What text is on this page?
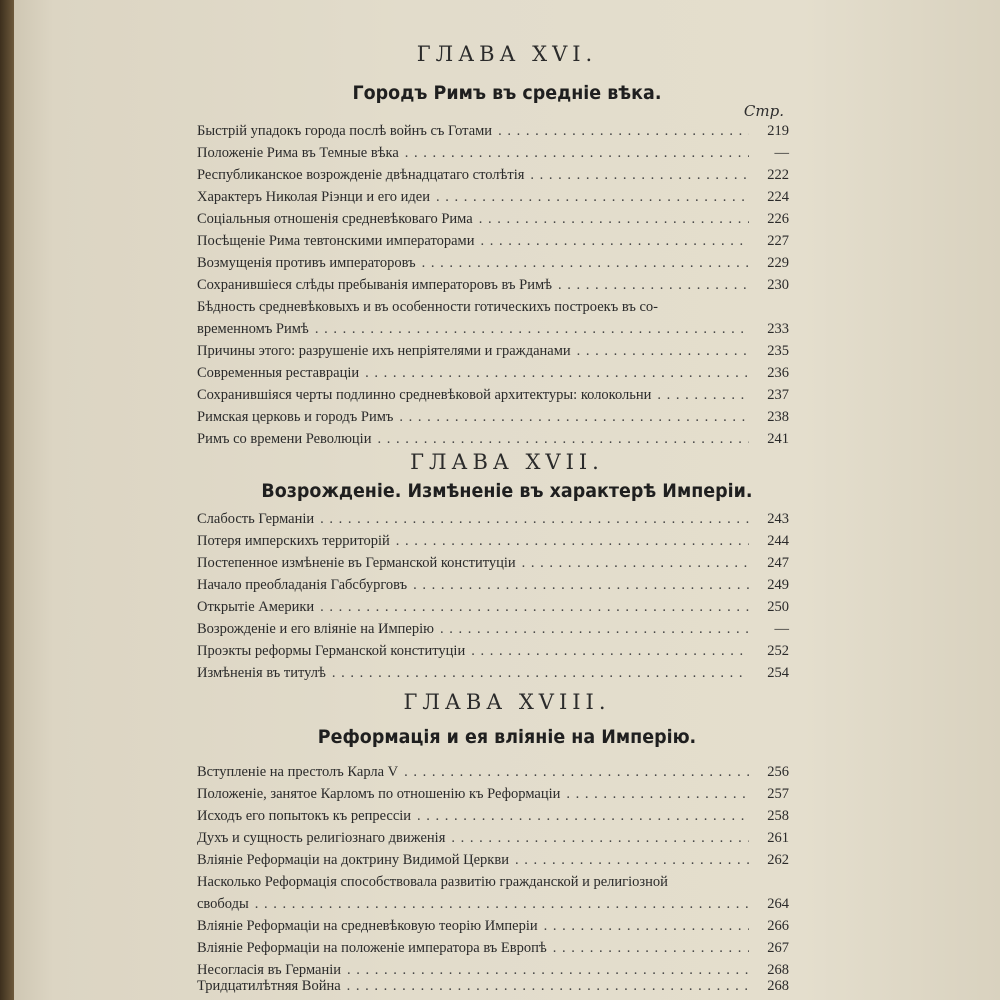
ГЛАВА XVI.
Городъ Римъ въ средніе вѣка.
Стр.
Быстрій упадокъ города послѣ войнъ съ Готами . . .	219
Положеніе Рима въ Темные вѣка . . .	—
Республиканское возрожденіе двѣнадцатаго столѣтія . . .	222
Характеръ Николая Ріэнци и его идеи . . .	224
Соціальныя отношенія средневѣковаго Рима . . .	226
Посѣщеніе Рима тевтонскими императорами . . .	227
Возмущенія противъ императоровъ . . .	229
Сохранившіеся слѣды пребыванія императоровъ въ Римѣ . . .	230
Бѣдность средневѣковыхъ и въ особенности готическихъ построекъ въ со-
временномъ Римѣ . . .	233
Причины этого: разрушеніе ихъ непріятелями и гражданами . . .	235
Современныя реставраціи . . .	236
Сохранившіяся черты подлинно средневѣковой архитектуры: колокольни . . .	237
Римская церковь и городъ Римъ . . .	238
Римъ со времени Революціи . . .	241
ГЛАВА XVII.
Возрожденіе. Измѣненіе въ характерѣ Имперіи.
Слабость Германіи . . .	243
Потеря имперскихъ территорій . . .	244
Постепенное измѣненіе въ Германской конституціи . . .	247
Начало преобладанія Габсбурговъ . . .	249
Открытіе Америки . . .	250
Возрожденіе и его вліяніе на Имперію . . .	—
Проэкты реформы Германской конституціи . . .	252
Измѣненія въ титулѣ . . .	254
ГЛАВА XVIII.
Реформація и ея вліяніе на Имперію.
Вступленіе на престолъ Карла V . . .	256
Положеніе, занятое Карломъ по отношенію къ Реформаціи . . .	257
Исходъ его попытокъ къ репрессіи . . .	258
Духъ и сущность религіознаго движенія . . .	261
Вліяніе Реформаціи на доктрину Видимой Церкви . . .	262
Насколько Реформація способствовала развитію гражданской и религіозной
свободы . . .	264
Вліяніе Реформаціи на средневѣковую теорію Имперіи . . .	266
Вліяніе Реформаціи на положеніе императора въ Европѣ . . .	267
Несогласія въ Германіи . . .	268
Тридцатилѣтняя Война . . .	268
